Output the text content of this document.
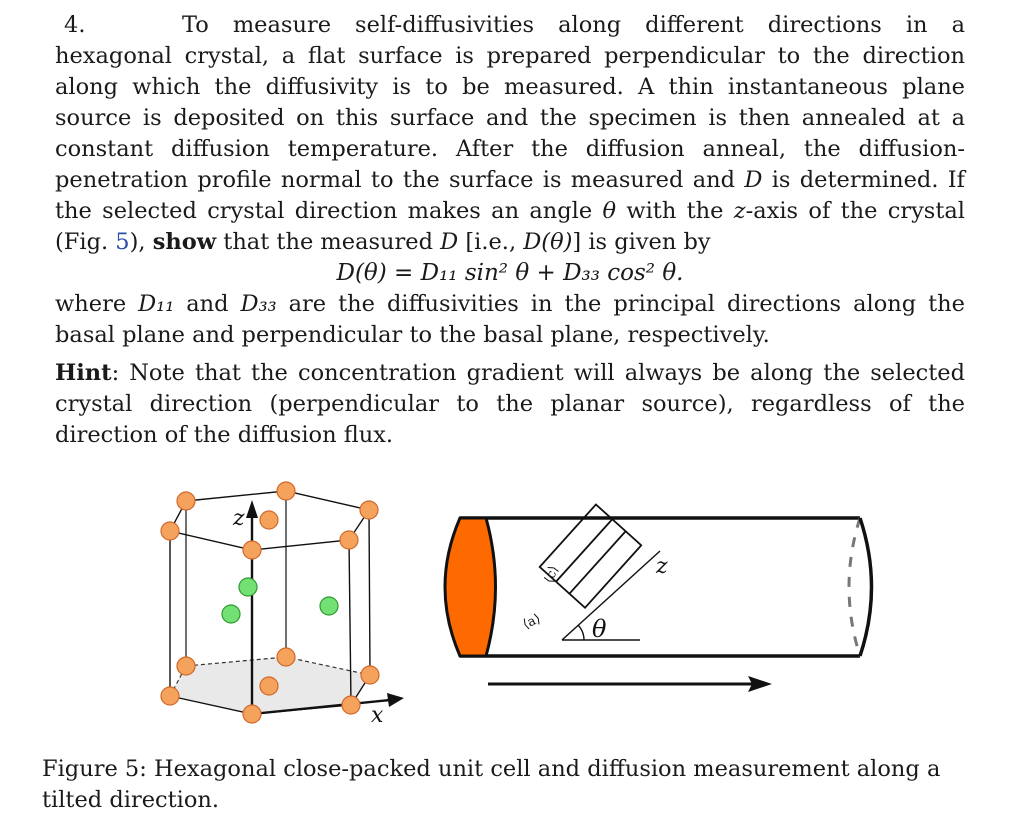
4.	To measure self-diffusivities along different directions in a hexagonal crystal, a flat surface is prepared perpendicular to the direction along which the diffusivity is to be measured. A thin instantaneous plane source is deposited on this surface and the specimen is then annealed at a constant diffusion temperature. After the diffusion anneal, the diffusion-penetration profile normal to the surface is measured and D is determined. If the selected crystal direction makes an angle θ with the z-axis of the crystal (Fig. 5), show that the measured D [i.e., D(θ)] is given by

D(θ) = D₁₁ sin² θ + D₃₃ cos² θ.

where D₁₁ and D₃₃ are the diffusivities in the principal directions along the basal plane and perpendicular to the basal plane, respectively.

Hint: Note that the concentration gradient will always be along the selected crystal direction (perpendicular to the planar source), regardless of the direction of the diffusion flux.

z
x
θ
z
⟨c⟩
⟨a⟩
Figure 5: Hexagonal close-packed unit cell and diffusion measurement along a tilted direction.
